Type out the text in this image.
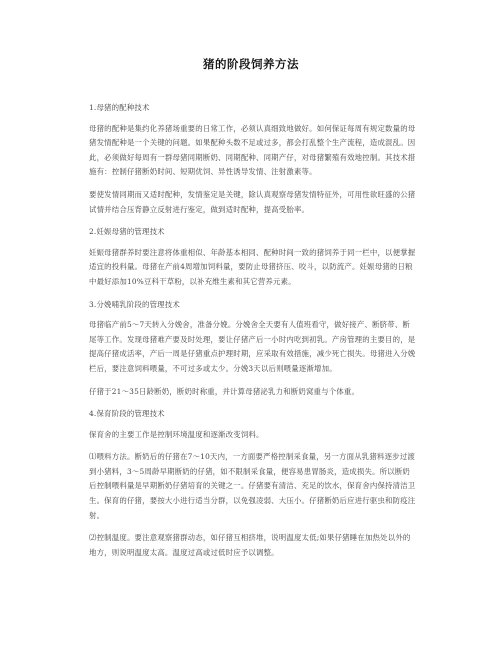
猪的阶段饲养方法

1.母猪的配种技术

母猪的配种是集约化养猪场重要的日常工作，必须认真细致地做好。如何保证每周有规定数量的母猪发情配种是一个关键的问题。如果配种头数不足或过多，都会打乱整个生产流程，造成混乱。因此，必须做好每周有一群母猪同期断奶、同期配种、同期产仔，对母猪繁殖有效地控制。其技术措施有：控制仔猪断奶时间、短期优饲、异性诱导发情、注射激素等。

要使发情同期而又适时配种，发情鉴定是关键，除认真观察母猪发情特征外，可用性欲旺盛的公猪试情并结合压背静立反射进行鉴定，做到适时配种，提高受胎率。

2.妊娠母猪的管理技术

妊娠母猪群养时要注意将体重相似、年龄基本相同、配种时间一致的猪饲养于同一栏中，以便掌握适宜的投料量。母猪在产前4周增加饲料量，要防止母猪挤压、咬斗，以防流产。妊娠母猪的日粮中最好添加10%豆科干草粉，以补充维生素和其它营养元素。

3.分娩哺乳阶段的管理技术

母猪临产前5～7天转入分娩舍，准备分娩。分娩舍全天要有人值班看守，做好接产、断脐带、断尾等工作。发现母猪难产要及时处理，要让仔猪产后一小时内吃到初乳。产房管理的主要目的，是提高仔猪成活率，产后一周是仔猪重点护理时期，应采取有效措施，减少死亡损失。母猪进入分娩栏后，要注意饲料喂量，不可过多或太少。分娩3天以后则喂量逐渐增加。

仔猪于21～35日龄断奶，断奶时称重，并计算母猪泌乳力和断奶窝重与个体重。

4.保育阶段的管理技术

保育舍的主要工作是控制环境温度和逐渐改变饲料。

⑴喂料方法。断奶后的仔猪在7～10天内，一方面要严格控制采食量，另一方面从乳猪料逐步过渡到小猪料，3～5周龄早期断奶的仔猪，如不限制采食量，便容易患胃肠炎，造成损失。所以断奶后控制喂料量是早期断奶仔猪培育的关键之一。仔猪要有清洁、充足的饮水，保育舍内保持清洁卫生。保育的仔猪，要按大小进行适当分群，以免强凌弱、大压小。仔猪断奶后应进行驱虫和防疫注射。

⑵控制温度。要注意观察猪群动态，如仔猪互相挤堆，说明温度太低;如果仔猪睡在加热处以外的地方，则说明温度太高。温度过高或过低时应予以调整。
